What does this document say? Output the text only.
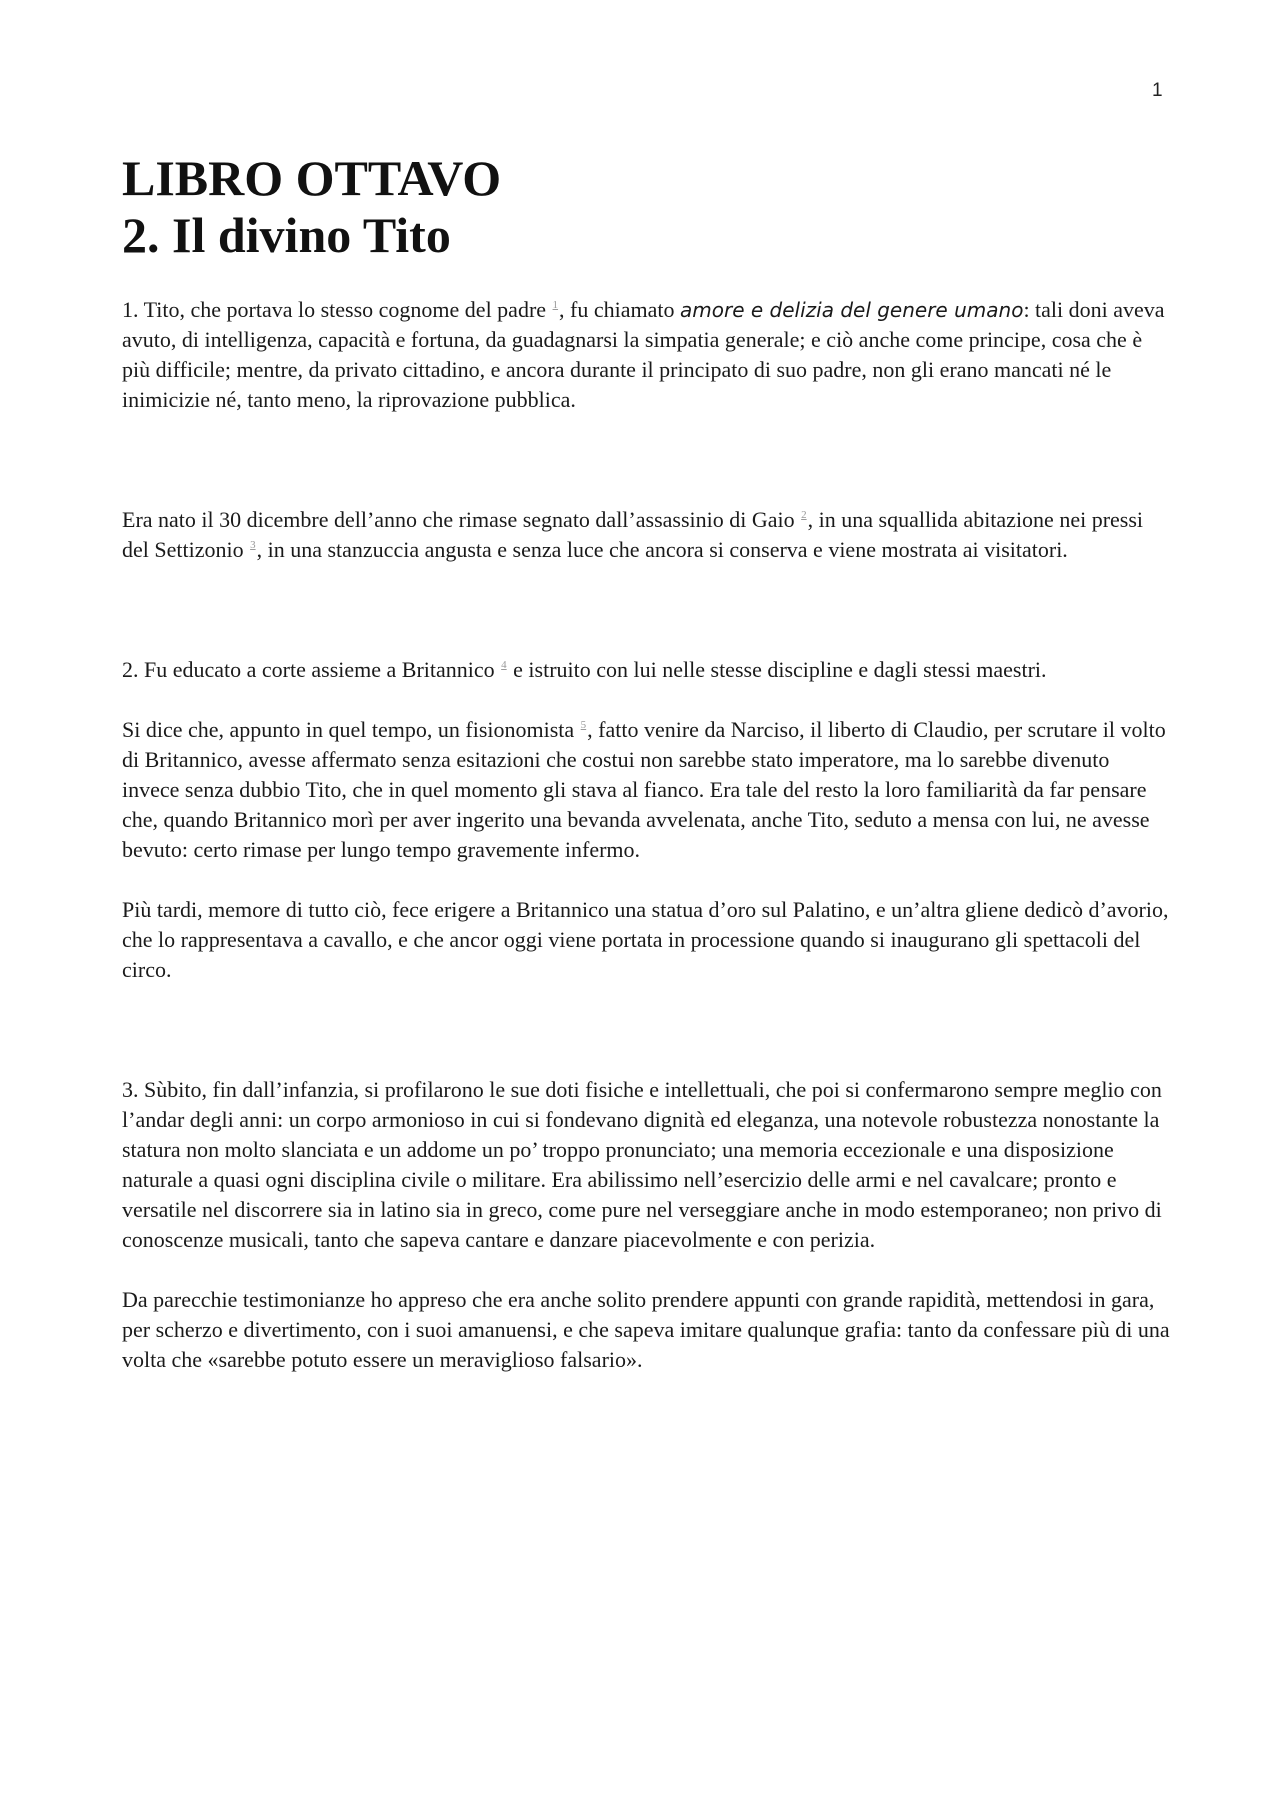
1
LIBRO OTTAVO
2. Il divino Tito

1. Tito, che portava lo stesso cognome del padre $^1$, fu chiamato amore e delizia del genere umano: tali doni aveva avuto, di intelligenza, capacità e fortuna, da guadagnarsi la simpatia generale; e ciò anche come principe, cosa che è più difficile; mentre, da privato cittadino, e ancora durante il principato di suo padre, non gli erano mancati né le inimicizie né, tanto meno, la riprovazione pubblica.

Era nato il 30 dicembre dell’anno che rimase segnato dall’assassinio di Gaio $^2$, in una squallida abitazione nei pressi del Settizonio $^3$, in una stanzuccia angusta e senza luce che ancora si conserva e viene mostrata ai visitatori.

2. Fu educato a corte assieme a Britannico $^4$ e istruito con lui nelle stesse discipline e dagli stessi maestri.

Si dice che, appunto in quel tempo, un fisionomista $^5$, fatto venire da Narciso, il liberto di Claudio, per scrutare il volto di Britannico, avesse affermato senza esitazioni che costui non sarebbe stato imperatore, ma lo sarebbe divenuto invece senza dubbio Tito, che in quel momento gli stava al fianco. Era tale del resto la loro familiarità da far pensare che, quando Britannico morì per aver ingerito una bevanda avvelenata, anche Tito, seduto a mensa con lui, ne avesse bevuto: certo rimase per lungo tempo gravemente infermo.

Più tardi, memore di tutto ciò, fece erigere a Britannico una statua d’oro sul Palatino, e un’altra gliene dedicò d’avorio, che lo rappresentava a cavallo, e che ancor oggi viene portata in processione quando si inaugurano gli spettacoli del circo.

3. Sùbito, fin dall’infanzia, si profilarono le sue doti fisiche e intellettuali, che poi si confermarono sempre meglio con l’andar degli anni: un corpo armonioso in cui si fondevano dignità ed eleganza, una notevole robustezza nonostante la statura non molto slanciata e un addome un po’ troppo pronunciato; una memoria eccezionale e una disposizione naturale a quasi ogni disciplina civile o militare. Era abilissimo nell’esercizio delle armi e nel cavalcare; pronto e versatile nel discorrere sia in latino sia in greco, come pure nel verseggiare anche in modo estemporaneo; non privo di conoscenze musicali, tanto che sapeva cantare e danzare piacevolmente e con perizia.

Da parecchie testimonianze ho appreso che era anche solito prendere appunti con grande rapidità, mettendosi in gara, per scherzo e divertimento, con i suoi amanuensi, e che sapeva imitare qualunque grafia: tanto da confessare più di una volta che «sarebbe potuto essere un meraviglioso falsario».
